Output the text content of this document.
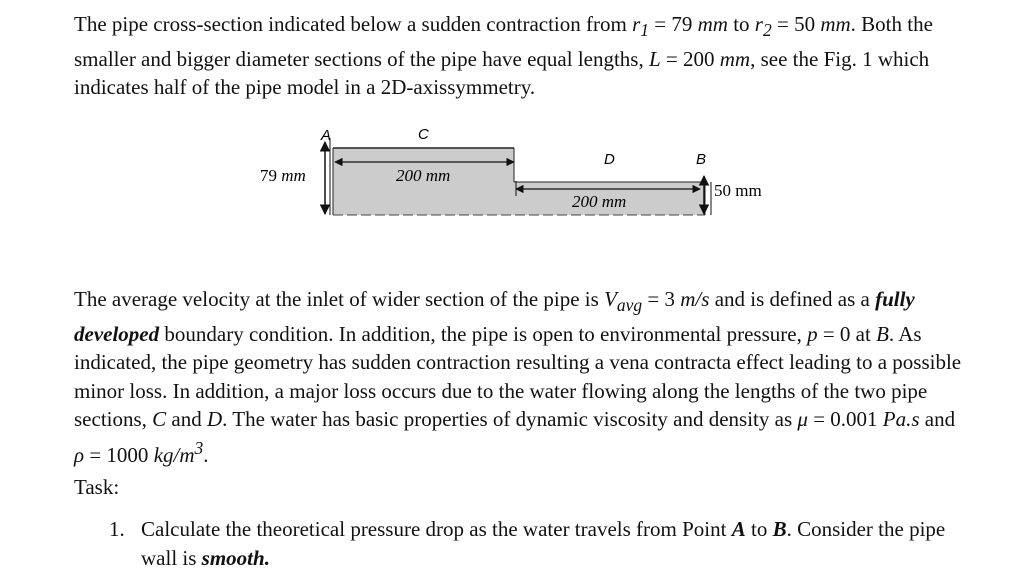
The pipe cross-section indicated below a sudden contraction from $r_1 = 79$ mm to $r_2 = 50$ mm. Both the smaller and bigger diameter sections of the pipe have equal lengths, L = 200 mm, see the Fig. 1 which indicates half of the pipe model in a 2D-axissymmetry.

79 mm	200 mm
200 mm
50 mm
A	C
D	B

The average velocity at the inlet of wider section of the pipe is $V_{avg} = 3$ m/s and is defined as a fully developed boundary condition. In addition, the pipe is open to environmental pressure, p = 0 at B. As indicated, the pipe geometry has sudden contraction resulting a vena contracta effect leading to a possible minor loss. In addition, a major loss occurs due to the water flowing along the lengths of the two pipe sections, C and D. The water has basic properties of dynamic viscosity and density as μ = 0.001 Pa.s and ρ = 1000 $kg/m^3$.

Task:

1. Calculate the theoretical pressure drop as the water travels from Point A to B. Consider the pipe wall is smooth.
